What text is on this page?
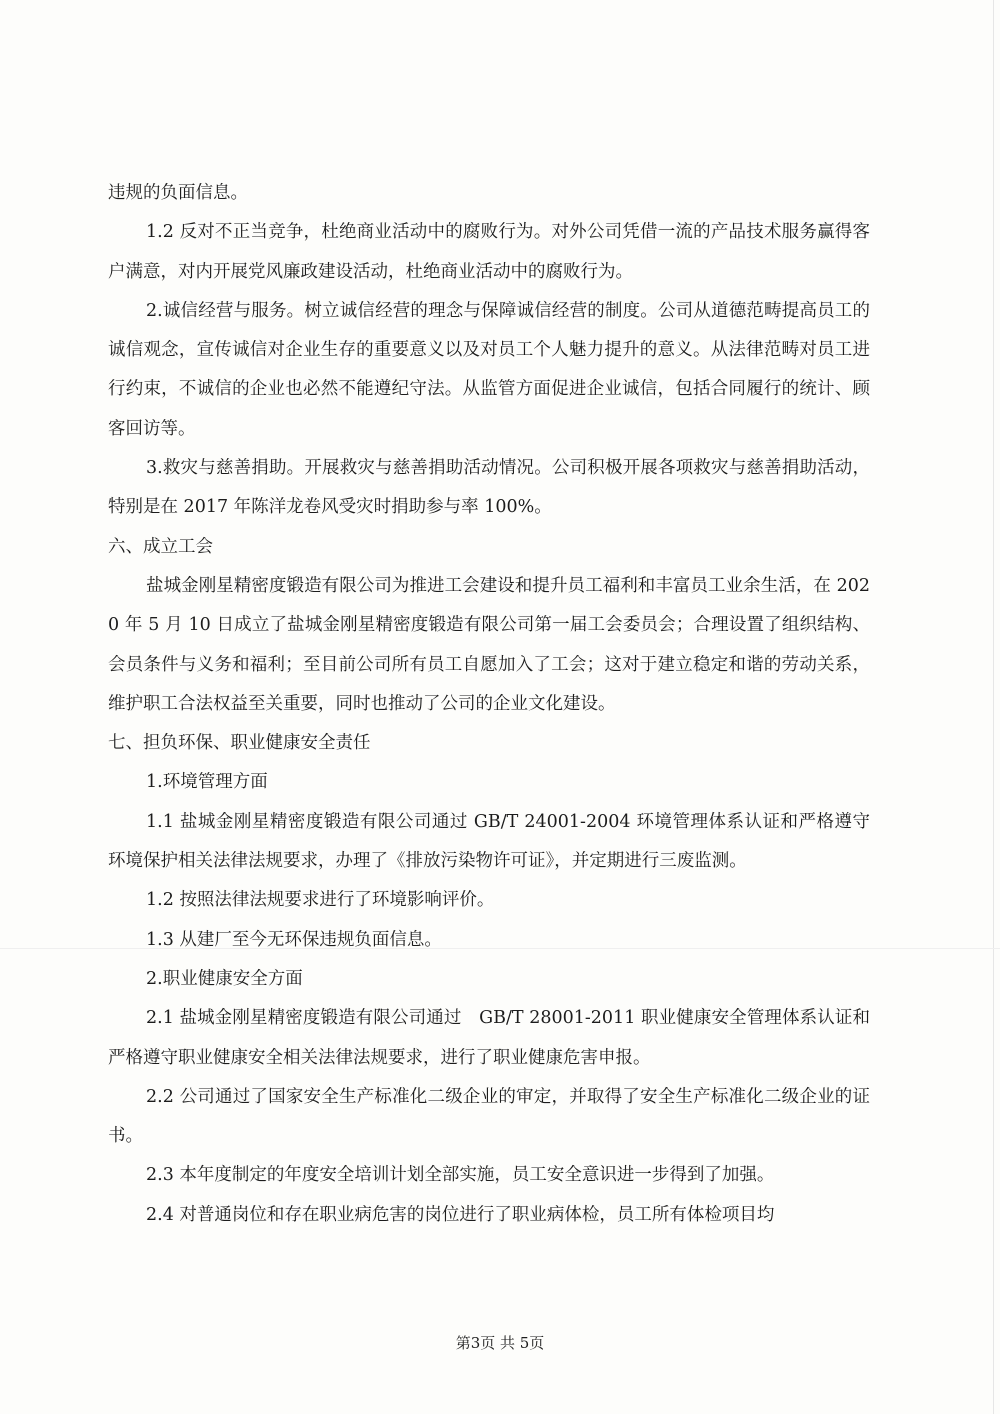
违规的负面信息。

1.2 反对不正当竞争，杜绝商业活动中的腐败行为。对外公司凭借一流的产品技术服务赢得客户满意，对内开展党风廉政建设活动，杜绝商业活动中的腐败行为。

2.诚信经营与服务。树立诚信经营的理念与保障诚信经营的制度。公司从道德范畴提高员工的诚信观念，宣传诚信对企业生存的重要意义以及对员工个人魅力提升的意义。从法律范畴对员工进行约束，不诚信的企业也必然不能遵纪守法。从监管方面促进企业诚信，包括合同履行的统计、顾客回访等。

3.救灾与慈善捐助。开展救灾与慈善捐助活动情况。公司积极开展各项救灾与慈善捐助活动，特别是在 2017 年陈洋龙卷风受灾时捐助参与率 100%。

六、成立工会

盐城金刚星精密度锻造有限公司为推进工会建设和提升员工福利和丰富员工业余生活，在 2020 年 5 月 10 日成立了盐城金刚星精密度锻造有限公司第一届工会委员会；合理设置了组织结构、会员条件与义务和福利；至目前公司所有员工自愿加入了工会；这对于建立稳定和谐的劳动关系，维护职工合法权益至关重要，同时也推动了公司的企业文化建设。

七、担负环保、职业健康安全责任

1.环境管理方面

1.1 盐城金刚星精密度锻造有限公司通过 GB/T 24001-2004 环境管理体系认证和严格遵守环境保护相关法律法规要求，办理了《排放污染物许可证》，并定期进行三废监测。

1.2 按照法律法规要求进行了环境影响评价。

1.3 从建厂至今无环保违规负面信息。

2.职业健康安全方面

2.1 盐城金刚星精密度锻造有限公司通过　GB/T 28001-2011 职业健康安全管理体系认证和严格遵守职业健康安全相关法律法规要求，进行了职业健康危害申报。

2.2 公司通过了国家安全生产标准化二级企业的审定，并取得了安全生产标准化二级企业的证书。

2.3 本年度制定的年度安全培训计划全部实施，员工安全意识进一步得到了加强。

2.4 对普通岗位和存在职业病危害的岗位进行了职业病体检，员工所有体检项目均

第3页 共 5页
